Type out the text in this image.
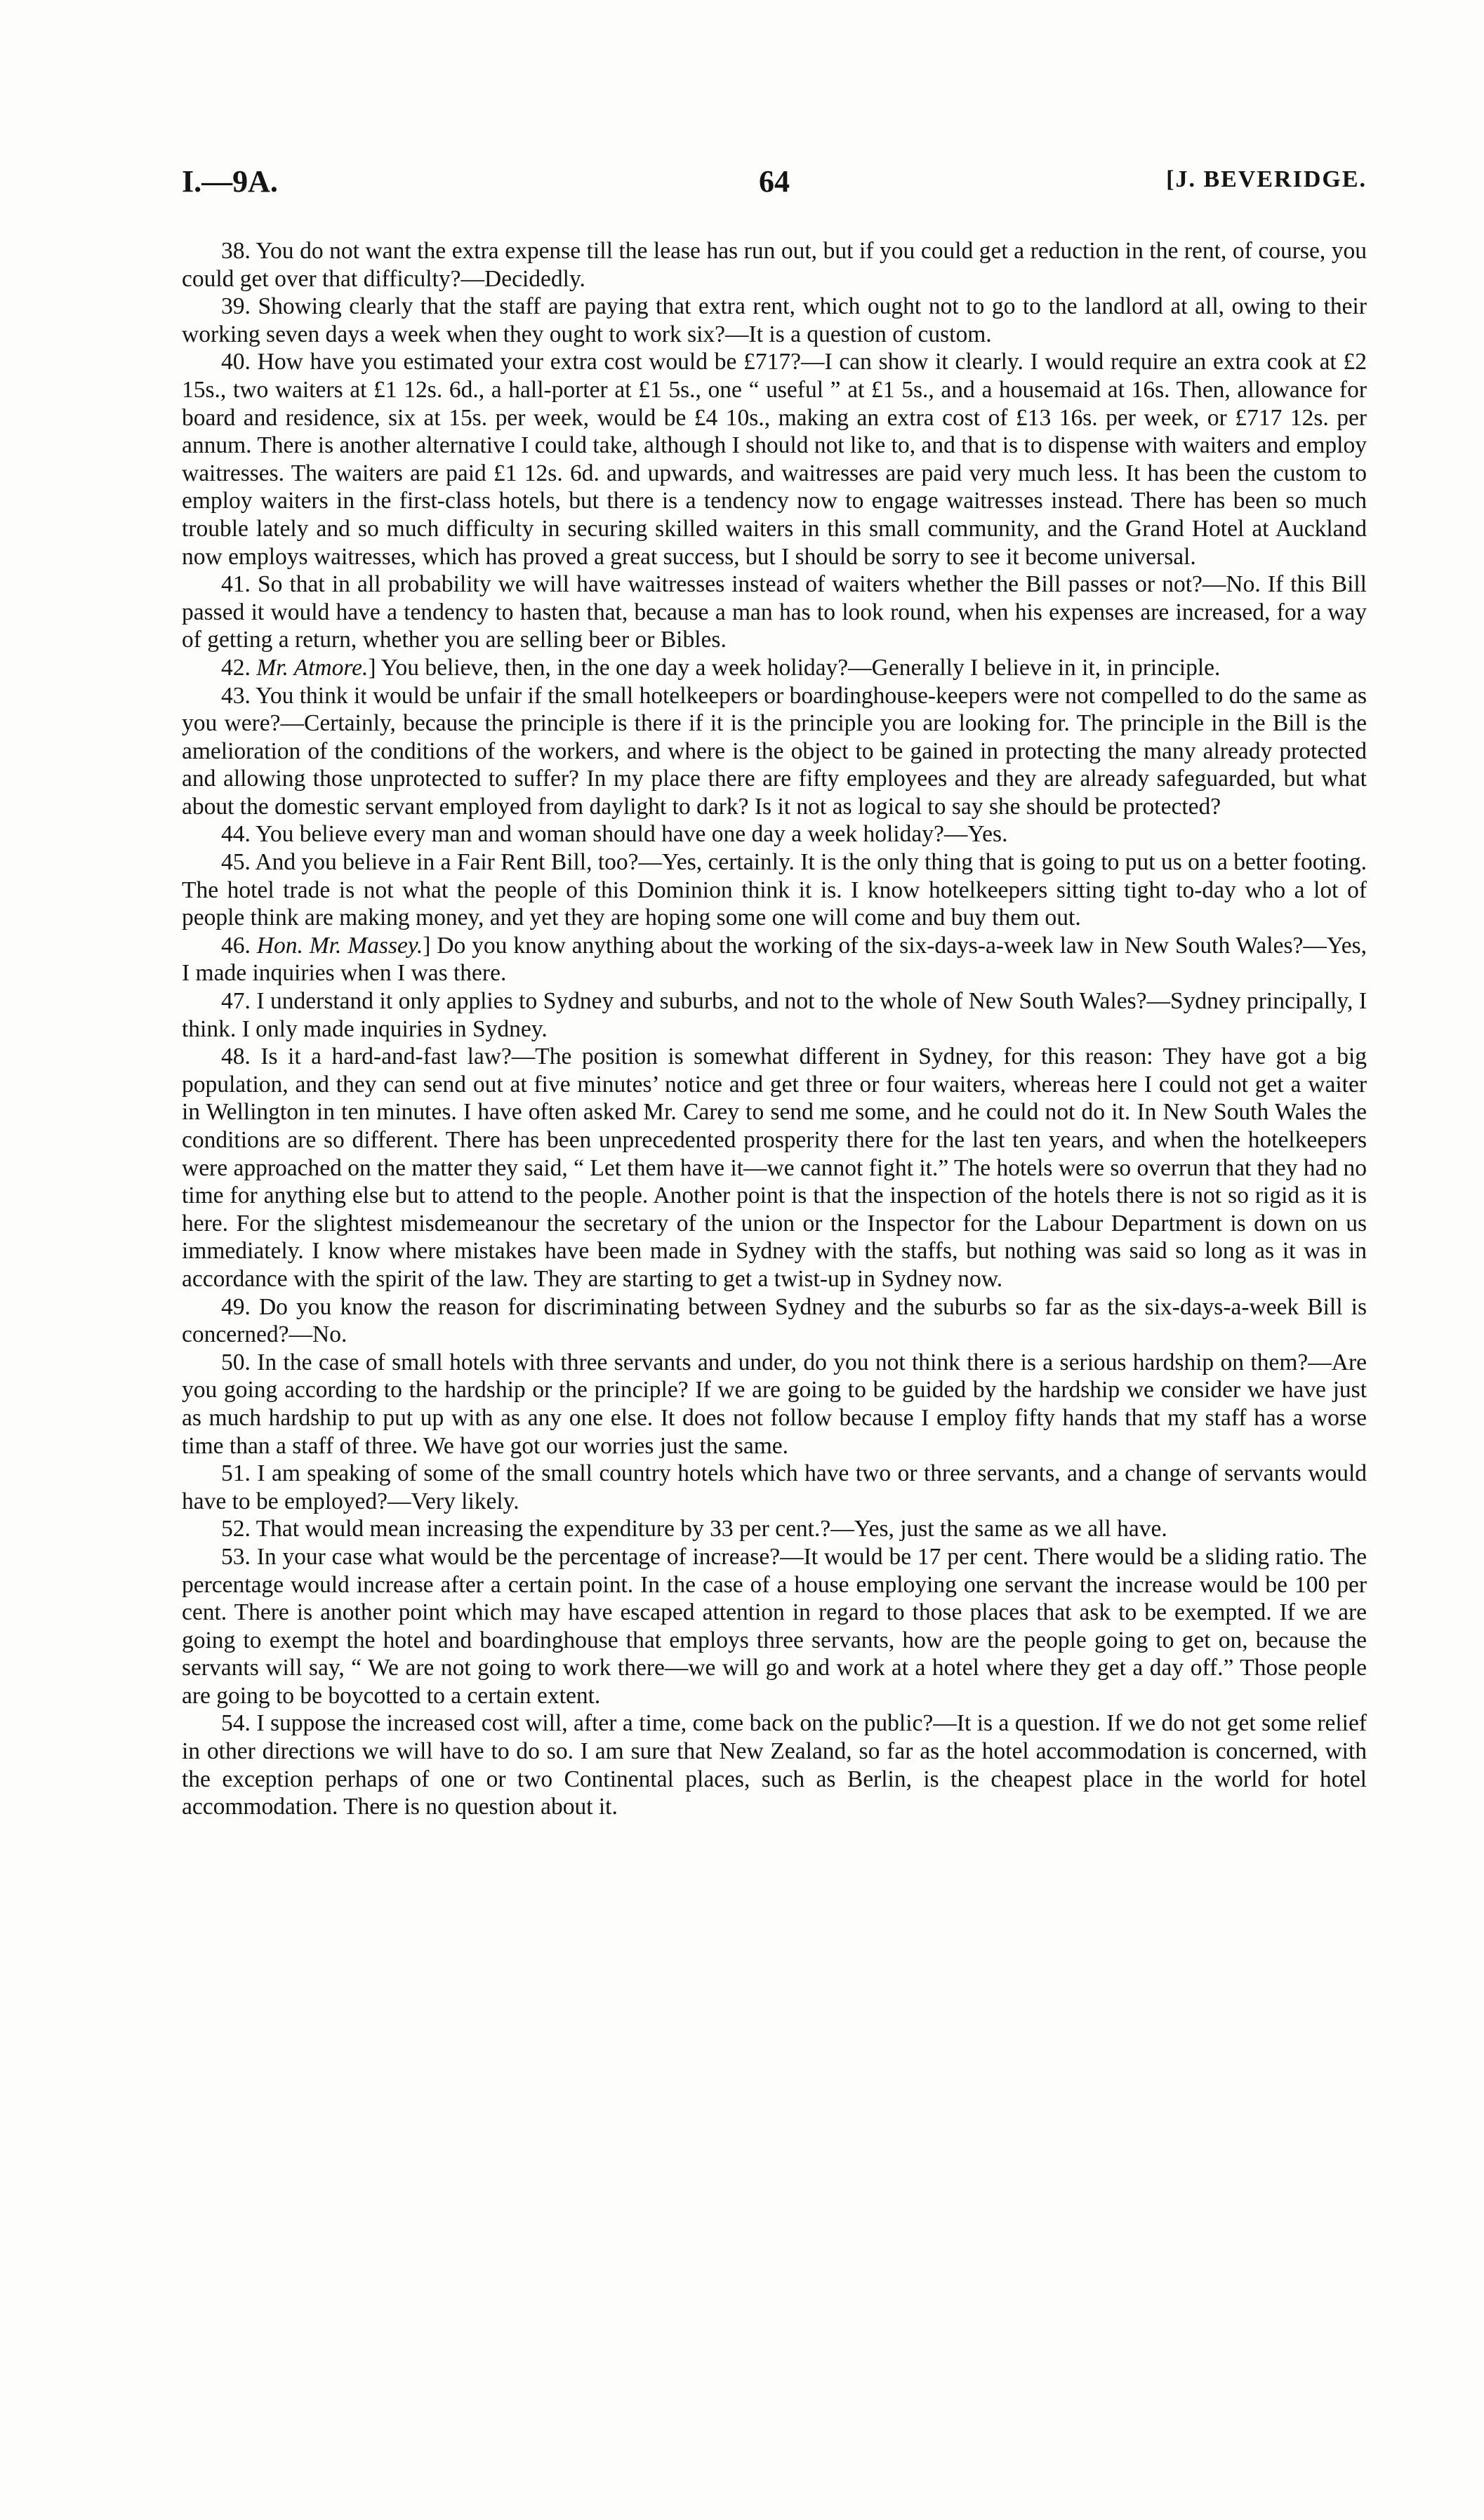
64
I.—9A.	[J. BEVERIDGE.

38. You do not want the extra expense till the lease has run out, but if you could get a reduction in the rent, of course, you could get over that difficulty?—Decidedly.

39. Showing clearly that the staff are paying that extra rent, which ought not to go to the landlord at all, owing to their working seven days a week when they ought to work six?—It is a question of custom.

40. How have you estimated your extra cost would be £717?—I can show it clearly. I would require an extra cook at £2 15s., two waiters at £1 12s. 6d., a hall-porter at £1 5s., one “ useful ” at £1 5s., and a housemaid at 16s. Then, allowance for board and residence, six at 15s. per week, would be £4 10s., making an extra cost of £13 16s. per week, or £717 12s. per annum. There is another alternative I could take, although I should not like to, and that is to dispense with waiters and employ waitresses. The waiters are paid £1 12s. 6d. and upwards, and waitresses are paid very much less. It has been the custom to employ waiters in the first-class hotels, but there is a tendency now to engage waitresses instead. There has been so much trouble lately and so much difficulty in securing skilled waiters in this small community, and the Grand Hotel at Auckland now employs waitresses, which has proved a great success, but I should be sorry to see it become universal.

41. So that in all probability we will have waitresses instead of waiters whether the Bill passes or not?—No. If this Bill passed it would have a tendency to hasten that, because a man has to look round, when his expenses are increased, for a way of getting a return, whether you are selling beer or Bibles.

42. Mr. Atmore.] You believe, then, in the one day a week holiday?—Generally I believe in it, in principle.

43. You think it would be unfair if the small hotelkeepers or boardinghouse-keepers were not compelled to do the same as you were?—Certainly, because the principle is there if it is the principle you are looking for. The principle in the Bill is the amelioration of the conditions of the workers, and where is the object to be gained in protecting the many already protected and allowing those unprotected to suffer? In my place there are fifty employees and they are already safeguarded, but what about the domestic servant employed from daylight to dark? Is it not as logical to say she should be protected?

44. You believe every man and woman should have one day a week holiday?—Yes.

45. And you believe in a Fair Rent Bill, too?—Yes, certainly. It is the only thing that is going to put us on a better footing. The hotel trade is not what the people of this Dominion think it is. I know hotelkeepers sitting tight to-day who a lot of people think are making money, and yet they are hoping some one will come and buy them out.

46. Hon. Mr. Massey.] Do you know anything about the working of the six-days-a-week law in New South Wales?—Yes, I made inquiries when I was there.

47. I understand it only applies to Sydney and suburbs, and not to the whole of New South Wales?—Sydney principally, I think. I only made inquiries in Sydney.

48. Is it a hard-and-fast law?—The position is somewhat different in Sydney, for this reason: They have got a big population, and they can send out at five minutes’ notice and get three or four waiters, whereas here I could not get a waiter in Wellington in ten minutes. I have often asked Mr. Carey to send me some, and he could not do it. In New South Wales the conditions are so different. There has been unprecedented prosperity there for the last ten years, and when the hotelkeepers were approached on the matter they said, “ Let them have it—we cannot fight it.” The hotels were so overrun that they had no time for anything else but to attend to the people. Another point is that the inspection of the hotels there is not so rigid as it is here. For the slightest misdemeanour the secretary of the union or the Inspector for the Labour Department is down on us immediately. I know where mistakes have been made in Sydney with the staffs, but nothing was said so long as it was in accordance with the spirit of the law. They are starting to get a twist-up in Sydney now.

49. Do you know the reason for discriminating between Sydney and the suburbs so far as the six-days-a-week Bill is concerned?—No.

50. In the case of small hotels with three servants and under, do you not think there is a serious hardship on them?—Are you going according to the hardship or the principle? If we are going to be guided by the hardship we consider we have just as much hardship to put up with as any one else. It does not follow because I employ fifty hands that my staff has a worse time than a staff of three. We have got our worries just the same.

51. I am speaking of some of the small country hotels which have two or three servants, and a change of servants would have to be employed?—Very likely.

52. That would mean increasing the expenditure by 33 per cent.?—Yes, just the same as we all have.

53. In your case what would be the percentage of increase?—It would be 17 per cent. There would be a sliding ratio. The percentage would increase after a certain point. In the case of a house employing one servant the increase would be 100 per cent. There is another point which may have escaped attention in regard to those places that ask to be exempted. If we are going to exempt the hotel and boardinghouse that employs three servants, how are the people going to get on, because the servants will say, “ We are not going to work there—we will go and work at a hotel where they get a day off.” Those people are going to be boycotted to a certain extent.

54. I suppose the increased cost will, after a time, come back on the public?—It is a question. If we do not get some relief in other directions we will have to do so. I am sure that New Zealand, so far as the hotel accommodation is concerned, with the exception perhaps of one or two Continental places, such as Berlin, is the cheapest place in the world for hotel accommodation. There is no question about it.
